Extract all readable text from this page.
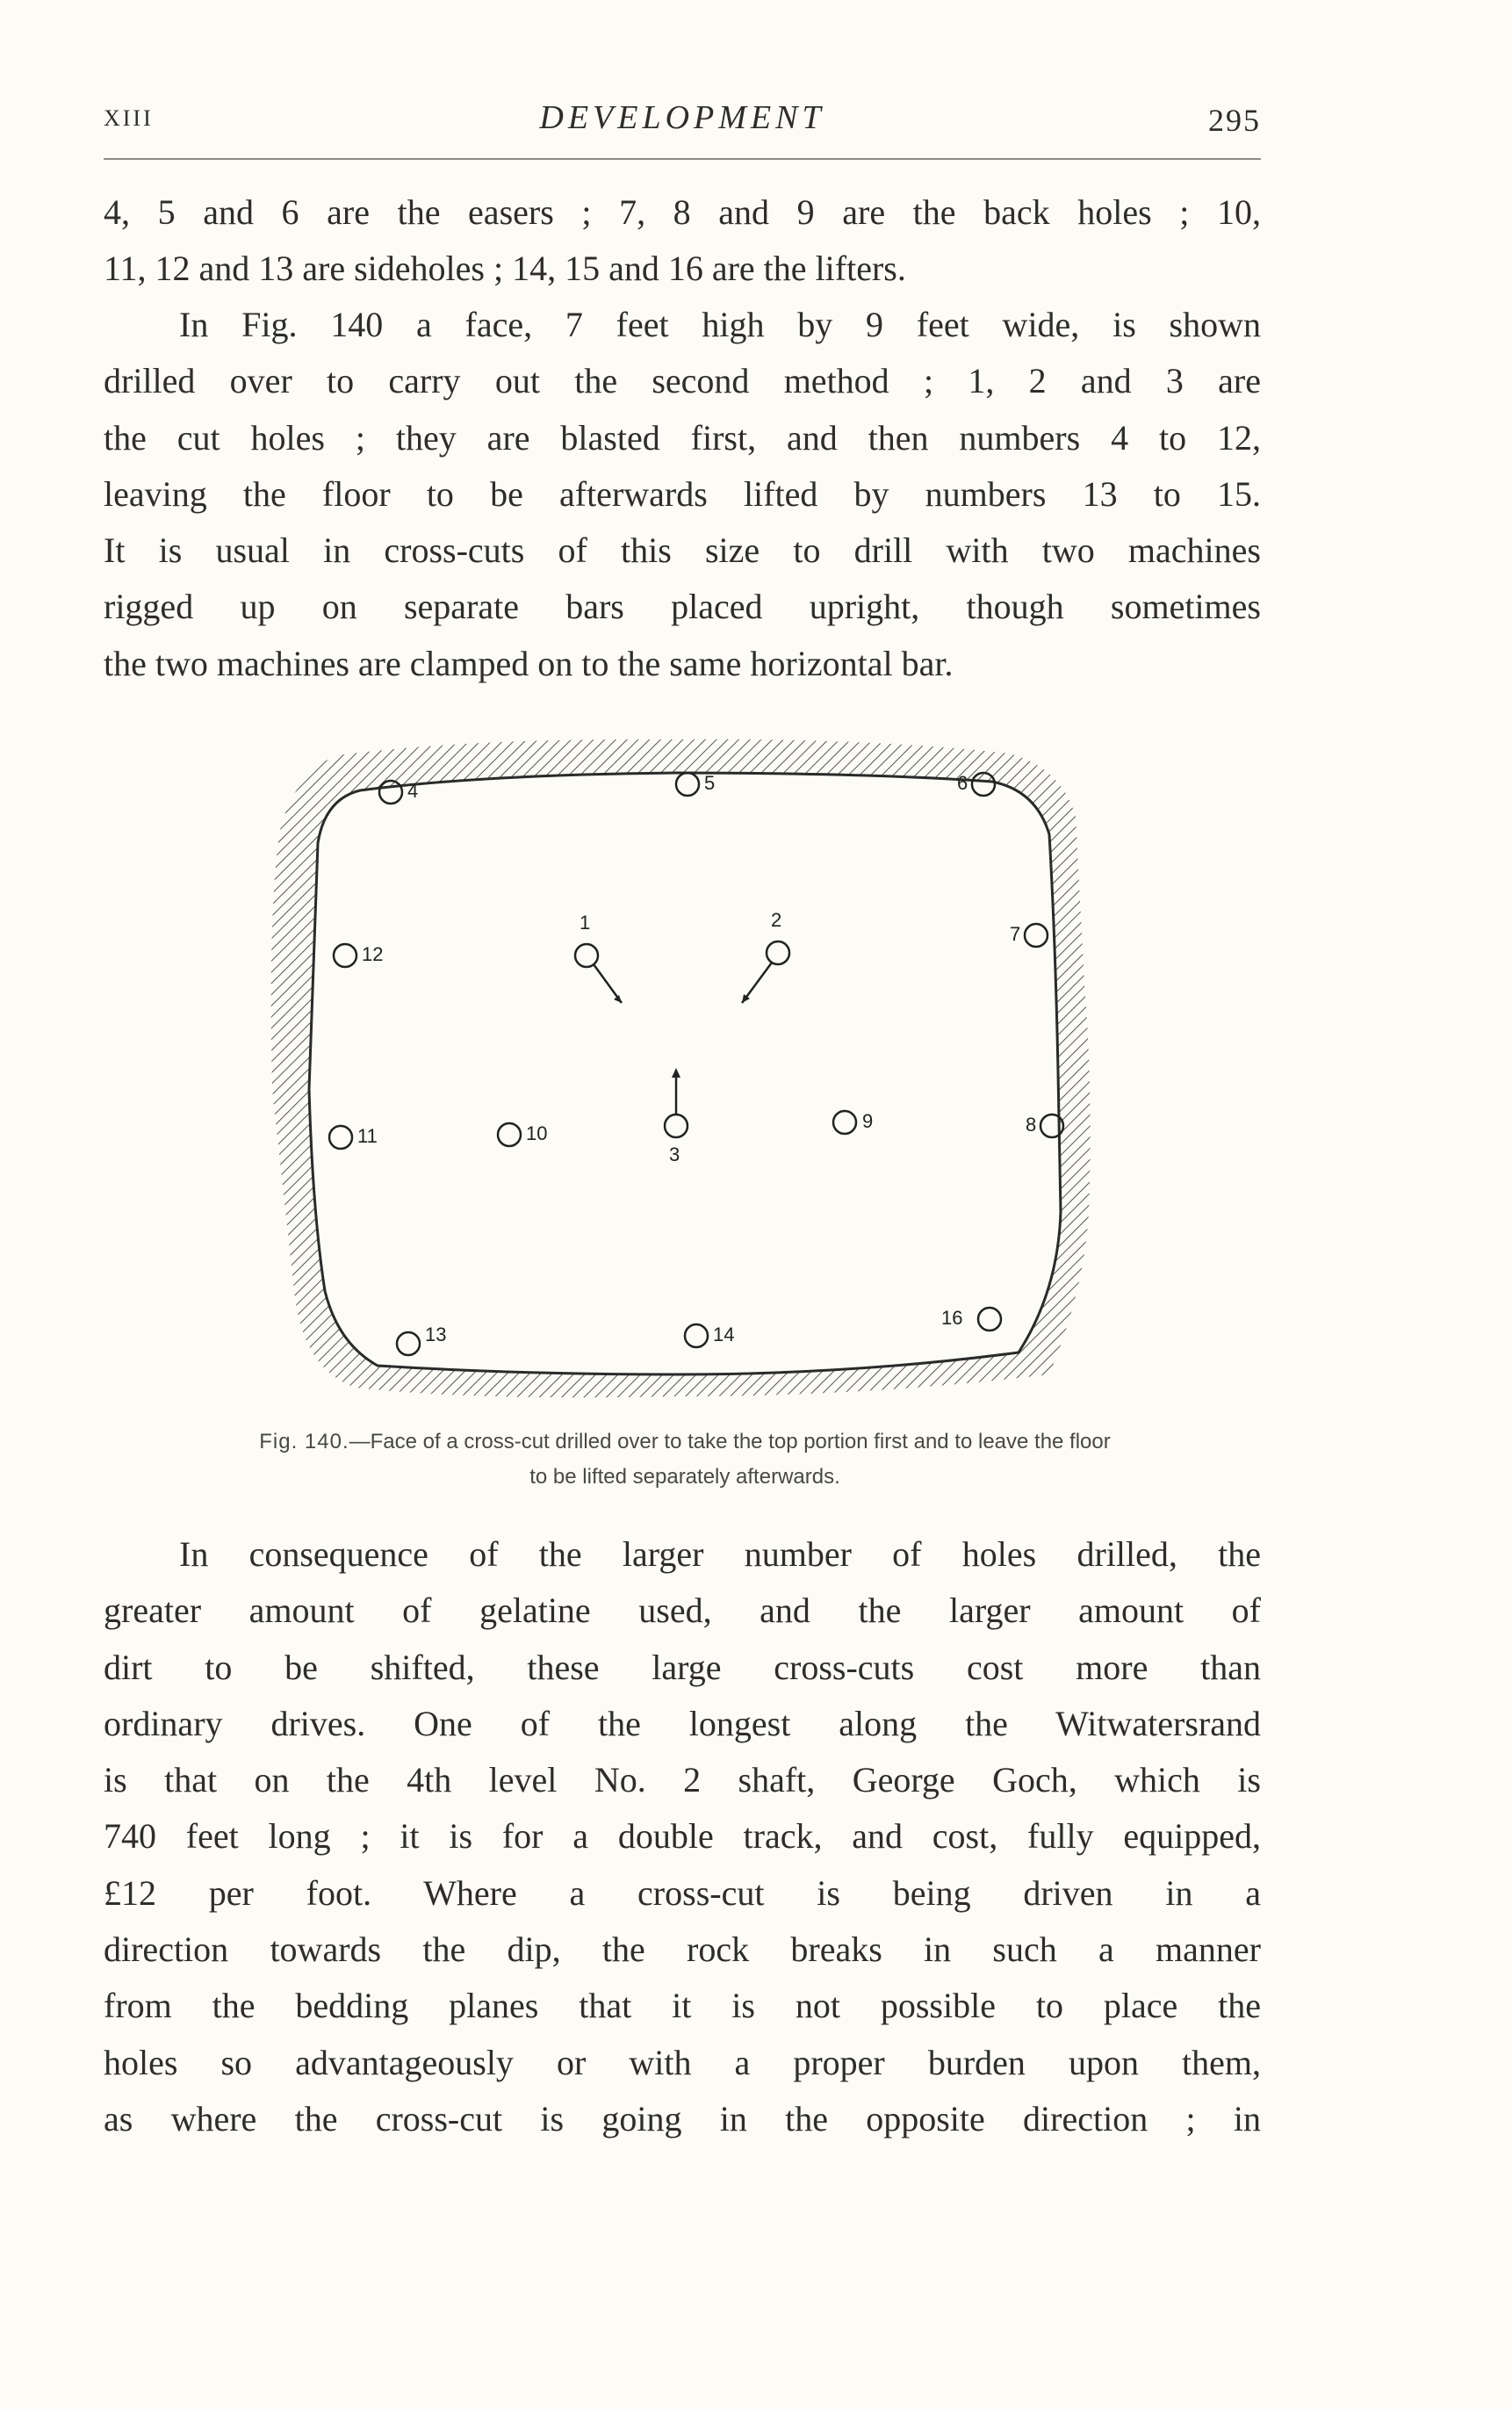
XIII	DEVELOPMENT	295
4, 5 and 6 are the easers ; 7, 8 and 9 are the back holes ; 10,
11, 12 and 13 are sideholes ; 14, 15 and 16 are the lifters.
In Fig. 140 a face, 7 feet high by 9 feet wide, is shown
drilled over to carry out the second method ; 1, 2 and 3 are
the cut holes ; they are blasted first, and then numbers 4 to 12,
leaving the floor to be afterwards lifted by numbers 13 to 15.
It is usual in cross-cuts of this size to drill with two machines
rigged up on separate bars placed upright, though sometimes
the two machines are clamped on to the same horizontal bar.
4	5	6
12
1	2
7
11	10
3
9	8
13	14
16
Fig. 140.—Face of a cross-cut drilled over to take the top portion first and to leave the floor
to be lifted separately afterwards.
In consequence of the larger number of holes drilled, the
greater amount of gelatine used, and the larger amount of
dirt to be shifted, these large cross-cuts cost more than
ordinary drives. One of the longest along the Witwatersrand
is that on the 4th level No. 2 shaft, George Goch, which is
740 feet long ; it is for a double track, and cost, fully equipped,
£12 per foot. Where a cross-cut is being driven in a
direction towards the dip, the rock breaks in such a manner
from the bedding planes that it is not possible to place the
holes so advantageously or with a proper burden upon them,
as where the cross-cut is going in the opposite direction ; in
